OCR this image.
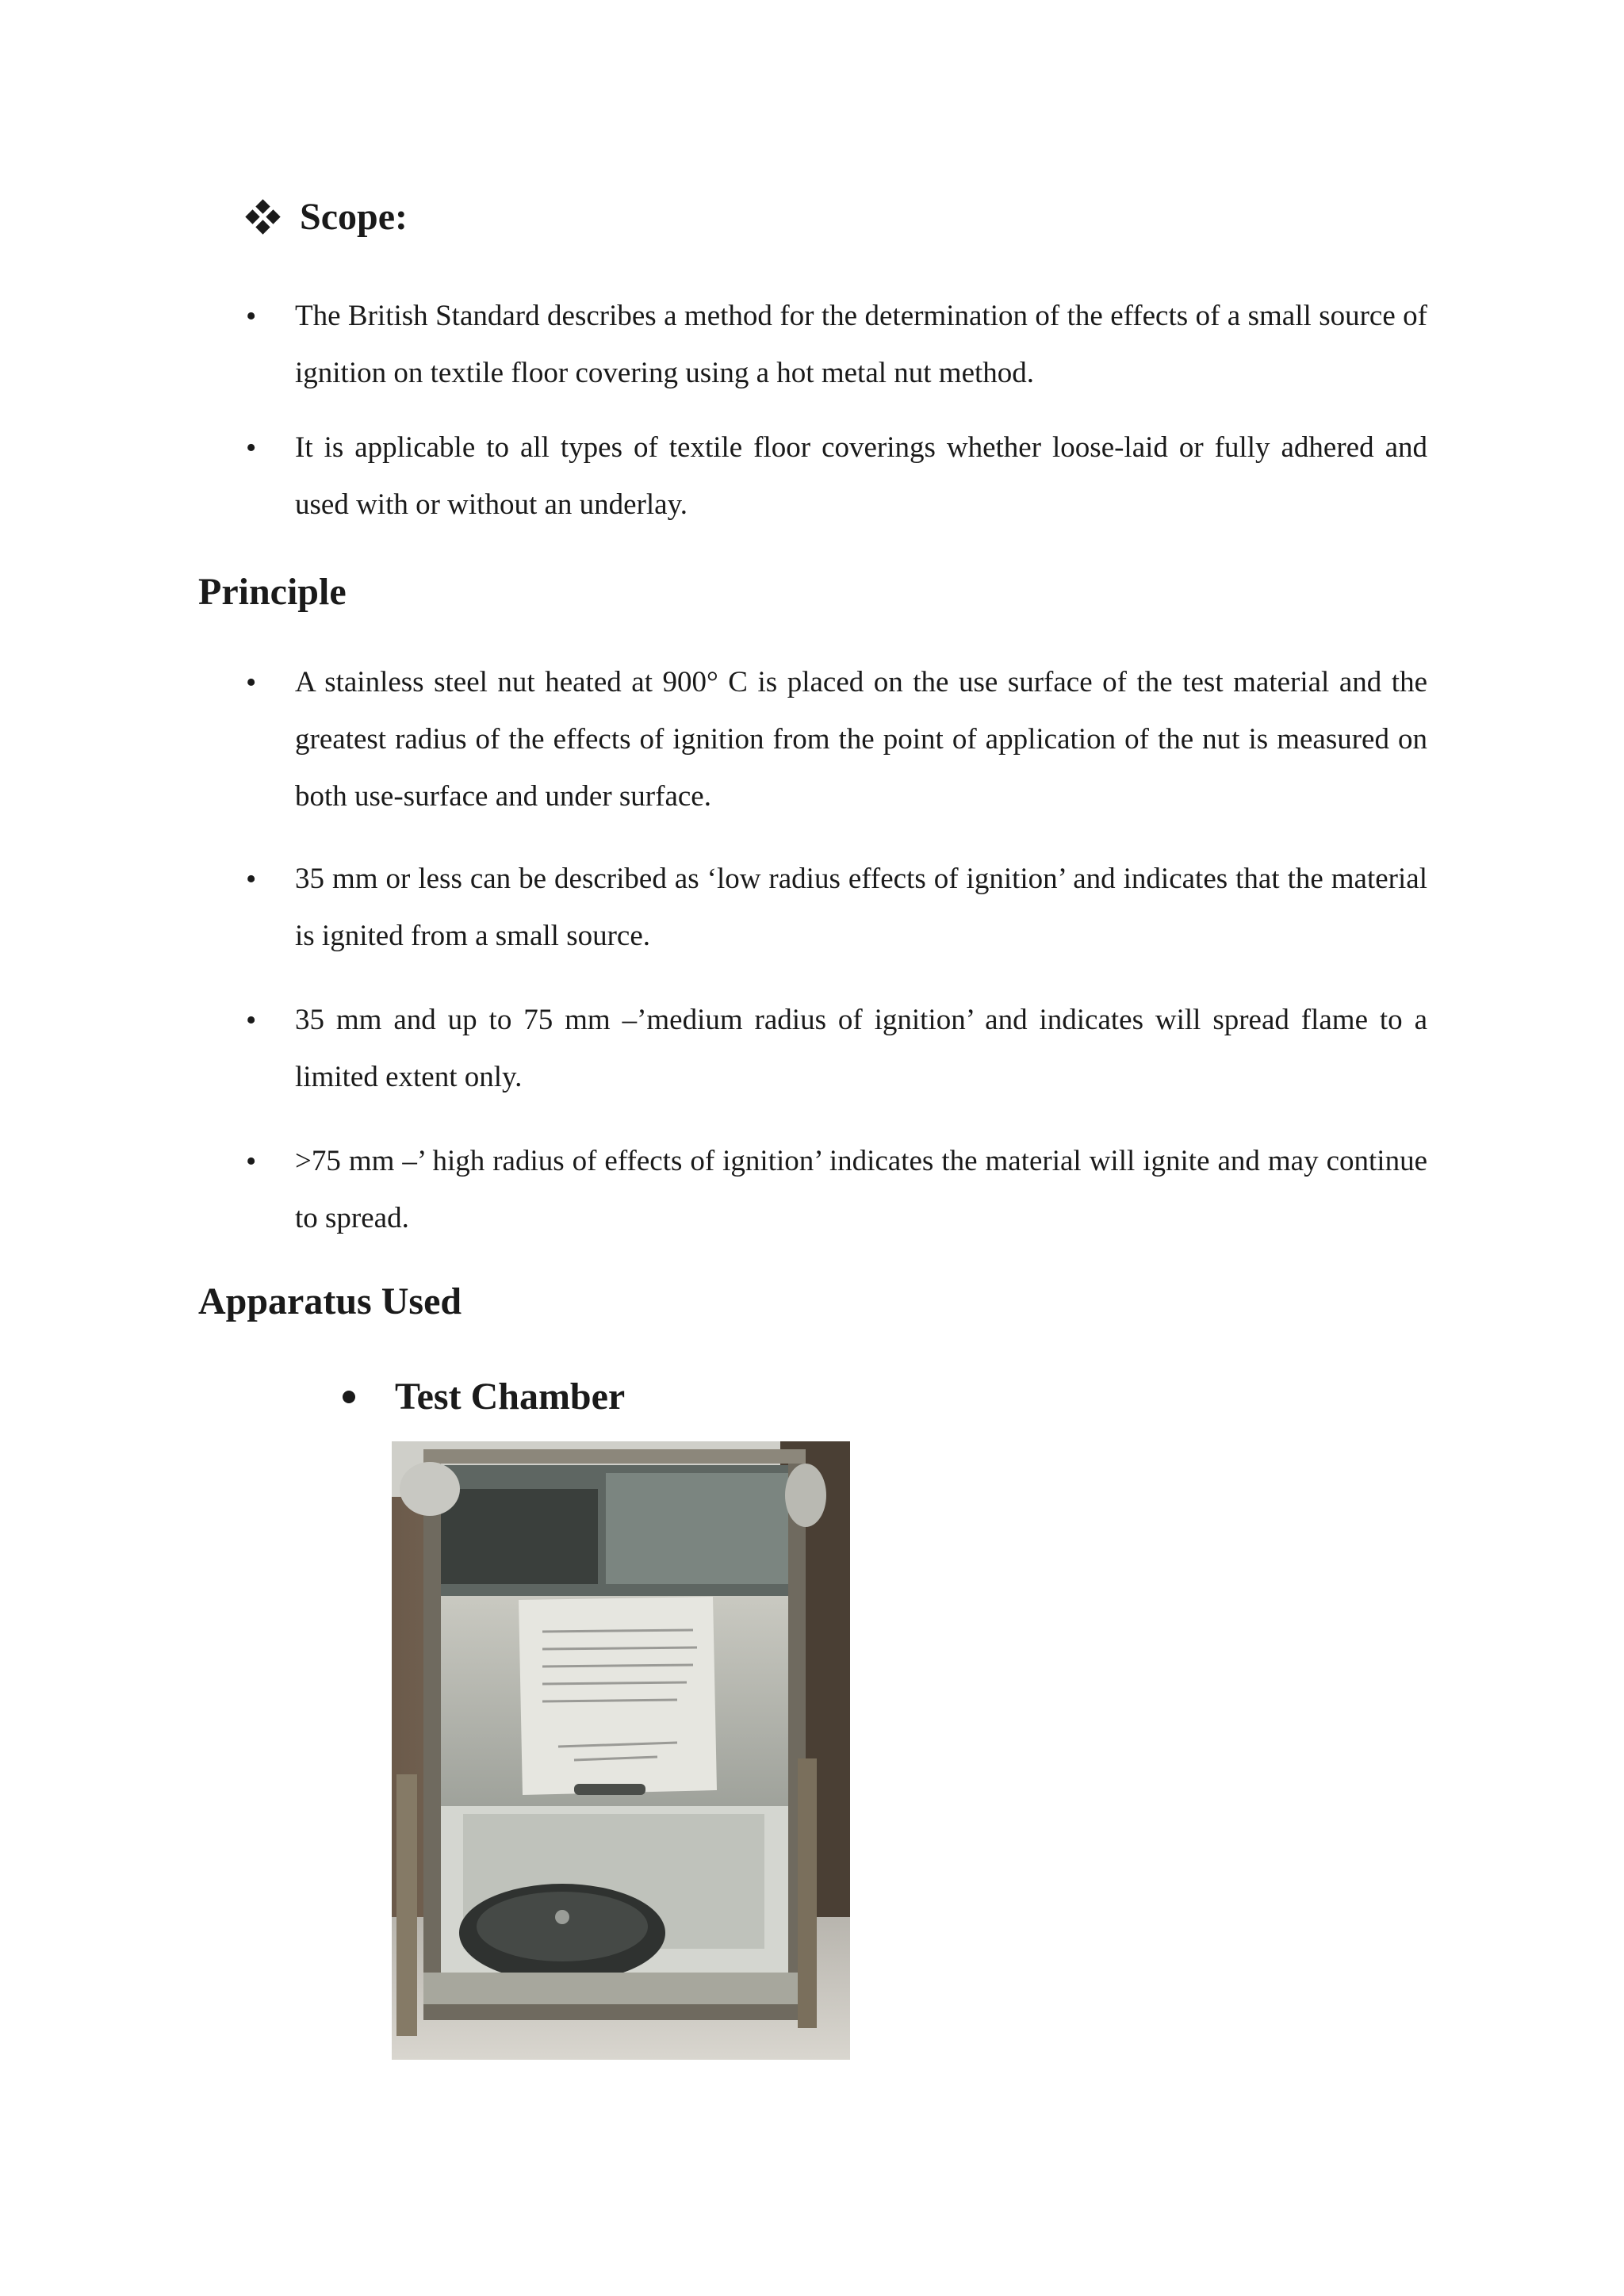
Scope:
• The British Standard describes a method for the determination of the effects of a small source of ignition on textile floor covering using a hot metal nut method.
• It is applicable to all types of textile floor coverings whether loose-laid or fully adhered and used with or without an underlay.
Principle
• A stainless steel nut heated at 900° C is placed on the use surface of the test material and the greatest radius of the effects of ignition from the point of application of the nut is measured on both use-surface and under surface.
• 35 mm or less can be described as ‘low radius effects of ignition’ and indicates that the material is ignited from a small source.
• 35 mm and up to 75 mm –’medium radius of ignition’ and indicates will spread flame to a limited extent only.
• >75 mm –’ high radius of effects of ignition’ indicates the material will ignite and may continue to spread.
Apparatus Used
Test Chamber
